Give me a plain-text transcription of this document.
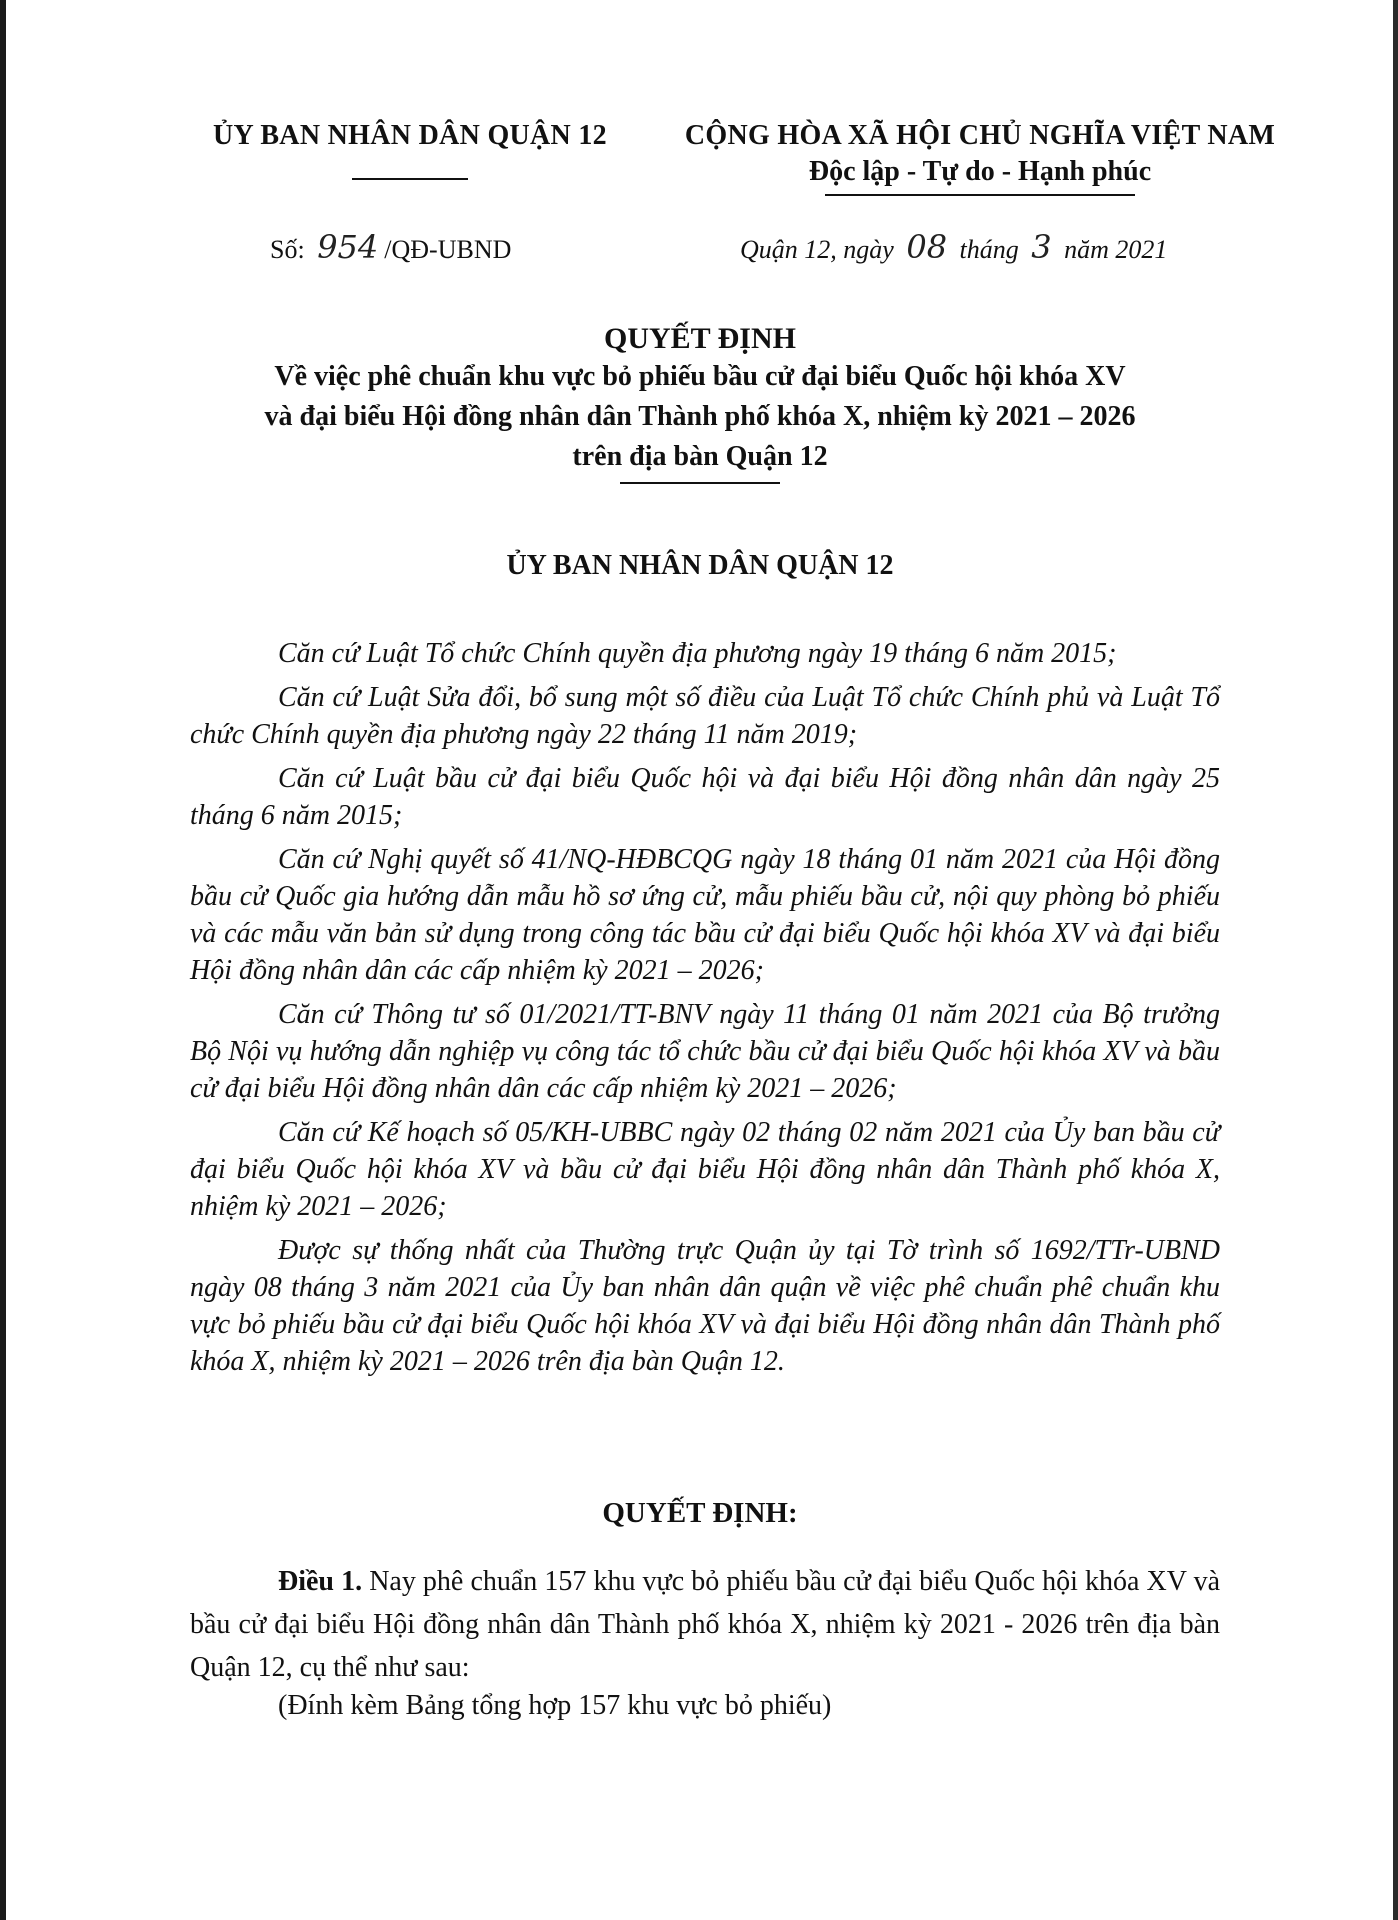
ỦY BAN NHÂN DÂN QUẬN 12	CỘNG HÒA XÃ HỘI CHỦ NGHĨA VIỆT NAM
Độc lập - Tự do - Hạnh phúc
Số: 954 /QĐ-UBND	Quận 12, ngày 08 tháng 3 năm 2021
QUYẾT ĐỊNH
Về việc phê chuẩn khu vực bỏ phiếu bầu cử đại biểu Quốc hội khóa XV
và đại biểu Hội đồng nhân dân Thành phố khóa X, nhiệm kỳ 2021 – 2026
trên địa bàn Quận 12
ỦY BAN NHÂN DÂN QUẬN 12

Căn cứ Luật Tổ chức Chính quyền địa phương ngày 19 tháng 6 năm 2015;

Căn cứ Luật Sửa đổi, bổ sung một số điều của Luật Tổ chức Chính phủ và Luật Tổ chức Chính quyền địa phương ngày 22 tháng 11 năm 2019;

Căn cứ Luật bầu cử đại biểu Quốc hội và đại biểu Hội đồng nhân dân ngày 25 tháng 6 năm 2015;

Căn cứ Nghị quyết số 41/NQ-HĐBCQG ngày 18 tháng 01 năm 2021 của Hội đồng bầu cử Quốc gia hướng dẫn mẫu hồ sơ ứng cử, mẫu phiếu bầu cử, nội quy phòng bỏ phiếu và các mẫu văn bản sử dụng trong công tác bầu cử đại biểu Quốc hội khóa XV và đại biểu Hội đồng nhân dân các cấp nhiệm kỳ 2021 – 2026;

Căn cứ Thông tư số 01/2021/TT-BNV ngày 11 tháng 01 năm 2021 của Bộ trưởng Bộ Nội vụ hướng dẫn nghiệp vụ công tác tổ chức bầu cử đại biểu Quốc hội khóa XV và bầu cử đại biểu Hội đồng nhân dân các cấp nhiệm kỳ 2021 – 2026;

Căn cứ Kế hoạch số 05/KH-UBBC ngày 02 tháng 02 năm 2021 của Ủy ban bầu cử đại biểu Quốc hội khóa XV và bầu cử đại biểu Hội đồng nhân dân Thành phố khóa X, nhiệm kỳ 2021 – 2026;

Được sự thống nhất của Thường trực Quận ủy tại Tờ trình số 1692/TTr-UBND ngày 08 tháng 3 năm 2021 của Ủy ban nhân dân quận về việc phê chuẩn phê chuẩn khu vực bỏ phiếu bầu cử đại biểu Quốc hội khóa XV và đại biểu Hội đồng nhân dân Thành phố khóa X, nhiệm kỳ 2021 – 2026 trên địa bàn Quận 12.

QUYẾT ĐỊNH:

Điều 1. Nay phê chuẩn 157 khu vực bỏ phiếu bầu cử đại biểu Quốc hội khóa XV và bầu cử đại biểu Hội đồng nhân dân Thành phố khóa X, nhiệm kỳ 2021 - 2026 trên địa bàn Quận 12, cụ thể như sau:

(Đính kèm Bảng tổng hợp 157 khu vực bỏ phiếu)
